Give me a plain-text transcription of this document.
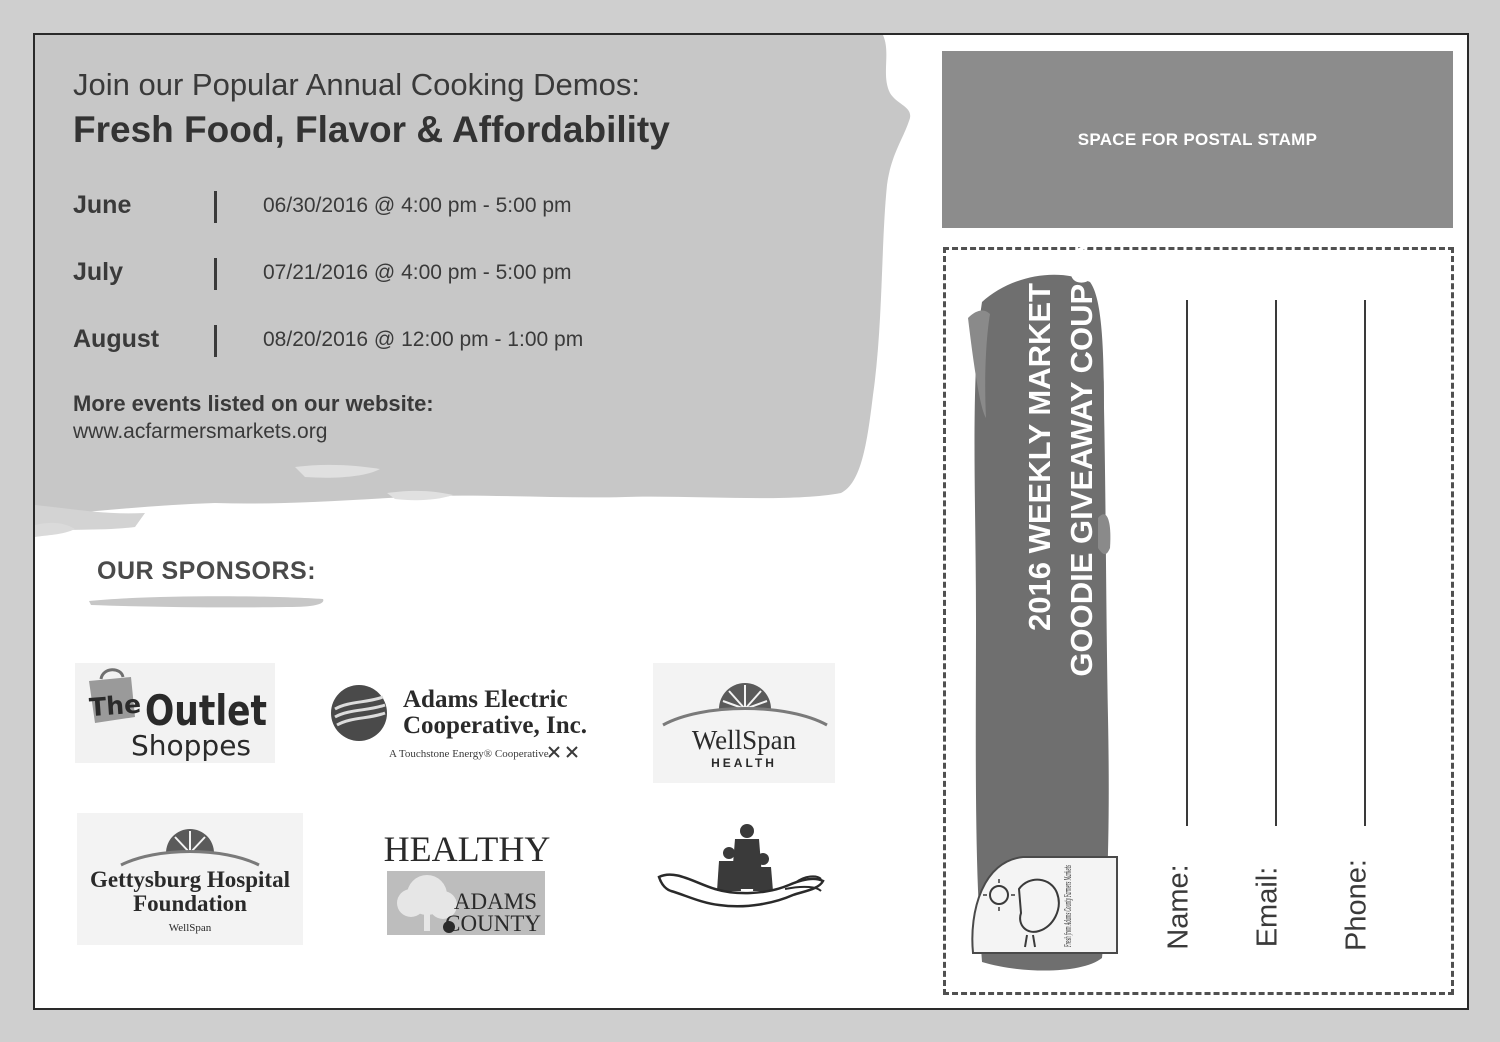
Join our Popular Annual Cooking Demos:
Fresh Food, Flavor & Affordability
June	06/30/2016 @ 4:00 pm - 5:00 pm
July	07/21/2016 @ 4:00 pm - 5:00 pm
August	08/20/2016 @ 12:00 pm - 1:00 pm
More events listed on our website:
www.acfarmersmarkets.org
OUR SPONSORS:
The Outlet
Shoppes
Adams Electric
Cooperative, Inc.
A Touchstone Energy® Cooperative	WellSpan
HEALTH
Gettysburg Hospital
Foundation
WellSpan
HEALTHY
ADAMS
COUNTY
SPACE FOR POSTAL STAMP
2016 WEEKLY MARKET GOODIE GIVEAWAY COUPON
Name: Email: Phone:
